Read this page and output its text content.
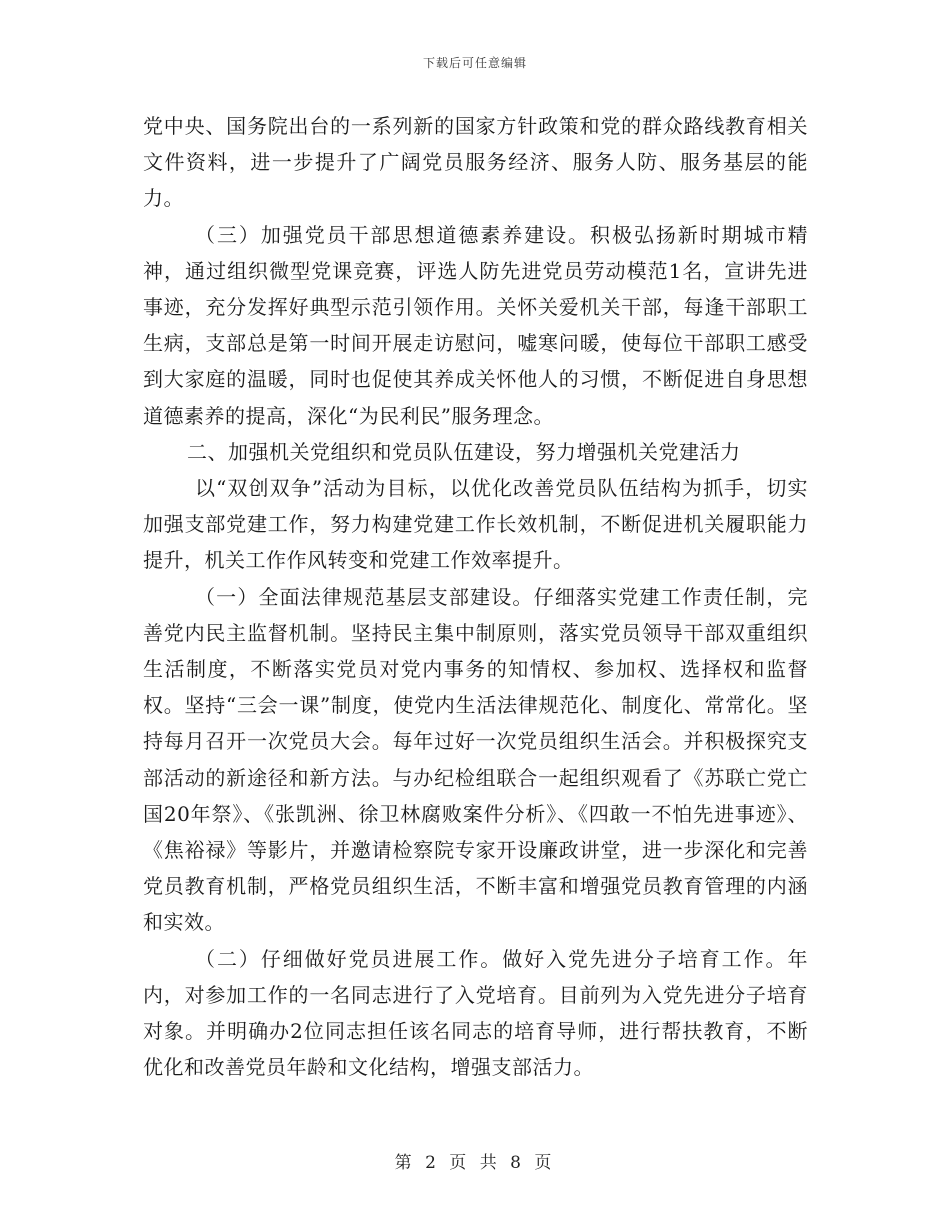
下载后可任意编辑

党中央、国务院出台的一系列新的国家方针政策和党的群众路线教育相关文件资料，进一步提升了广阔党员服务经济、服务人防、服务基层的能力。

（三）加强党员干部思想道德素养建设。积极弘扬新时期城市精神，通过组织微型党课竞赛，评选人防先进党员劳动模范1名，宣讲先进事迹，充分发挥好典型示范引领作用。关怀关爱机关干部，每逢干部职工生病，支部总是第一时间开展走访慰问，嘘寒问暖，使每位干部职工感受到大家庭的温暖，同时也促使其养成关怀他人的习惯，不断促进自身思想道德素养的提高，深化“为民利民”服务理念。

二、加强机关党组织和党员队伍建设，努力增强机关党建活力

以“双创双争”活动为目标，以优化改善党员队伍结构为抓手，切实加强支部党建工作，努力构建党建工作长效机制，不断促进机关履职能力提升，机关工作作风转变和党建工作效率提升。

（一）全面法律规范基层支部建设。仔细落实党建工作责任制，完善党内民主监督机制。坚持民主集中制原则，落实党员领导干部双重组织生活制度，不断落实党员对党内事务的知情权、参加权、选择权和监督权。坚持“三会一课”制度，使党内生活法律规范化、制度化、常常化。坚持每月召开一次党员大会。每年过好一次党员组织生活会。并积极探究支部活动的新途径和新方法。与办纪检组联合一起组织观看了《苏联亡党亡国20年祭》、《张凯洲、徐卫林腐败案件分析》、《四敢一不怕先进事迹》、《焦裕禄》等影片，并邀请检察院专家开设廉政讲堂，进一步深化和完善党员教育机制，严格党员组织生活，不断丰富和增强党员教育管理的内涵和实效。

（二）仔细做好党员进展工作。做好入党先进分子培育工作。年内，对参加工作的一名同志进行了入党培育。目前列为入党先进分子培育对象。并明确办2位同志担任该名同志的培育导师，进行帮扶教育，不断优化和改善党员年龄和文化结构，增强支部活力。

第 2 页 共 8 页
